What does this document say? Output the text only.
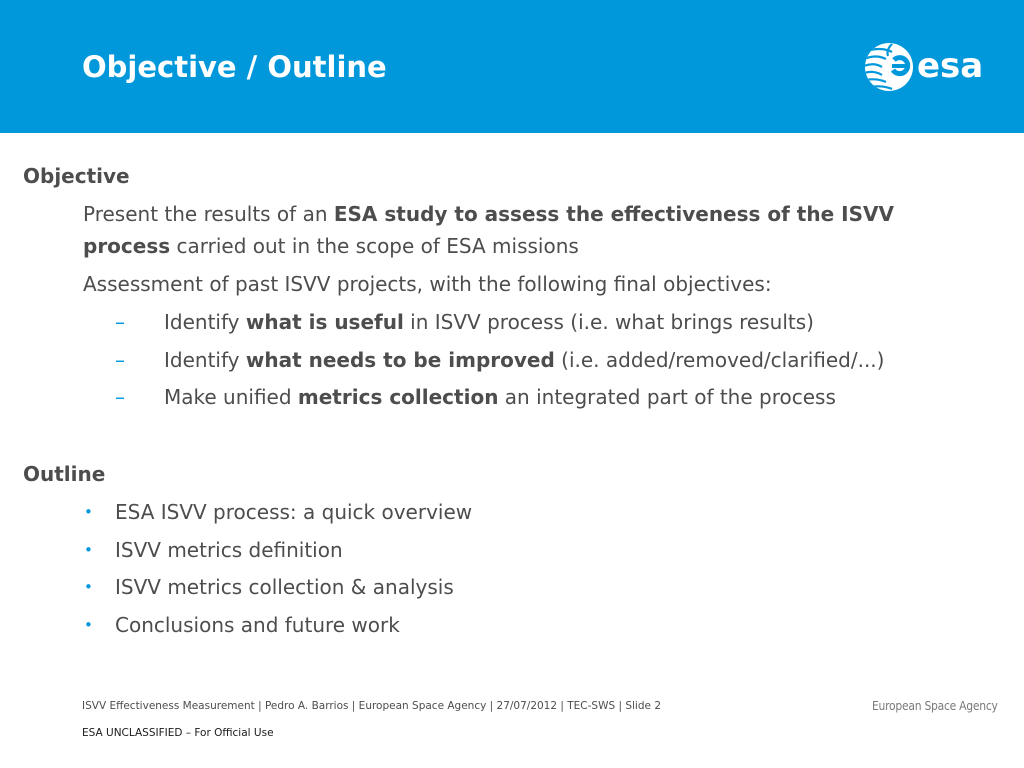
Objective / Outline	esa
Objective

Present the results of an ESA study to assess the effectiveness of the ISVV process carried out in the scope of ESA missions

Assessment of past ISVV projects, with the following final objectives:

–	Identify what is useful in ISVV process (i.e. what brings results)
–	Identify what needs to be improved (i.e. added/removed/clarified/...)
–	Make unified metrics collection an integrated part of the process
Outline
• ESA ISVV process: a quick overview
• ISVV metrics definition
• ISVV metrics collection & analysis
• Conclusions and future work
ISVV Effectiveness Measurement | Pedro A. Barrios | European Space Agency | 27/07/2012 | TEC-SWS | Slide 2
ESA UNCLASSIFIED – For Official Use
European Space Agency
